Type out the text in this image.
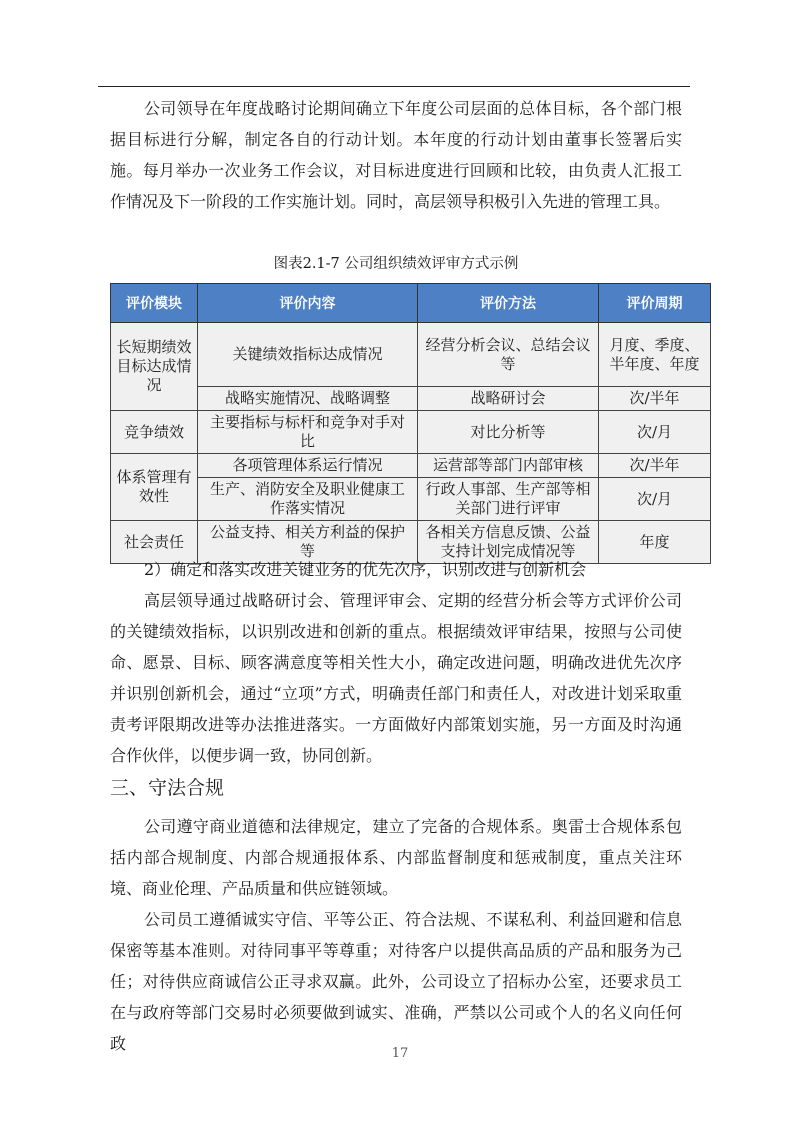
公司领导在年度战略讨论期间确立下年度公司层面的总体目标，各个部门根据目标进行分解，制定各自的行动计划。本年度的行动计划由董事长签署后实施。每月举办一次业务工作会议，对目标进度进行回顾和比较，由负责人汇报工作情况及下一阶段的工作实施计划。同时，高层领导积极引入先进的管理工具。

图表2.1-7 公司组织绩效评审方式示例

评价模块	评价内容	评价方法	评价周期
长短期绩效目标达成情况	关键绩效指标达成情况	经营分析会议、总结会议等	月度、季度、半年度、年度
	战略实施情况、战略调整	战略研讨会	次/半年
竞争绩效	主要指标与标杆和竞争对手对比	对比分析等	次/月
体系管理有效性	各项管理体系运行情况	运营部等部门内部审核	次/半年
	生产、消防安全及职业健康工作落实情况	行政人事部、生产部等相关部门进行评审	次/月
社会责任	公益支持、相关方利益的保护等	各相关方信息反馈、公益支持计划完成情况等	年度

2）确定和落实改进关键业务的优先次序，识别改进与创新机会

高层领导通过战略研讨会、管理评审会、定期的经营分析会等方式评价公司的关键绩效指标，以识别改进和创新的重点。根据绩效评审结果，按照与公司使命、愿景、目标、顾客满意度等相关性大小，确定改进问题，明确改进优先次序并识别创新机会，通过“立项”方式，明确责任部门和责任人，对改进计划采取重责考评限期改进等办法推进落实。一方面做好内部策划实施，另一方面及时沟通合作伙伴，以便步调一致，协同创新。

三、守法合规

公司遵守商业道德和法律规定，建立了完备的合规体系。奥雷士合规体系包括内部合规制度、内部合规通报体系、内部监督制度和惩戒制度，重点关注环境、商业伦理、产品质量和供应链领域。

公司员工遵循诚实守信、平等公正、符合法规、不谋私利、利益回避和信息保密等基本准则。对待同事平等尊重；对待客户以提供高品质的产品和服务为己任；对待供应商诚信公正寻求双赢。此外，公司设立了招标办公室，还要求员工在与政府等部门交易时必须要做到诚实、准确，严禁以公司或个人的名义向任何政

17
